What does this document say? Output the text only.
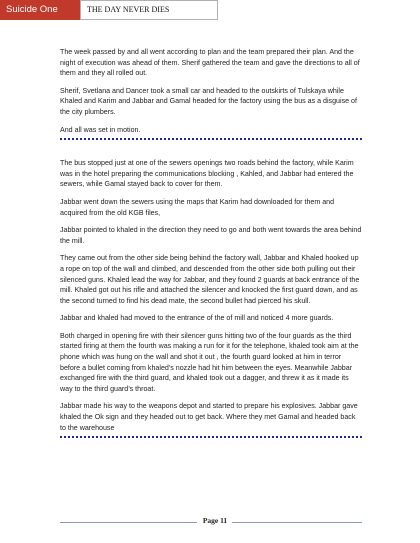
Suicide One	THE DAY NEVER DIES

The week passed by and all went according to plan and the team prepared their plan. And the night of execution was ahead of them. Sherif gathered the team and gave the directions to all of them and they all rolled out.

Sherif, Svetlana and Dancer took a small car and headed to the outskirts of Tulskaya while Khaled and Karim and Jabbar and Gamal headed for the factory using the bus as a disguise of the city plumbers.

And all was set in motion.

The bus stopped just at one of the sewers openings two roads behind the factory, while Karim was in the hotel preparing the communications blocking , Kahled, and Jabbar had entered the sewers, while Gamal stayed back to cover for them.

Jabbar went down the sewers using the maps that Karim had downloaded for them and acquired from the old KGB files,

Jabbar pointed to khaled in the direction they need to go and both went towards the area behind the mill.

They came out from the other side being behind the factory wall, Jabbar and Khaled hooked up a rope on top of the wall and climbed, and descended from the other side both pulling out their silenced guns. Khaled lead the way for Jabbar, and they found 2 guards at back entrance of the mill. Khaled got out his rifle and attached the silencer and knocked the first guard down, and as the second turned to find his dead mate, the second bullet had pierced his skull.

Jabbar and khaled had moved to the entrance of the of mill and noticed 4 more guards.

Both charged in opening fire with their silencer guns hitting two of the four guards as the third started firing at them the fourth was making a run for it for the telephone, khaled took aim at the phone which was hung on the wall and shot it out , the fourth guard looked at him in terror before a bullet coming from khaled’s nozzle had hit him between the eyes. Meanwhile Jabbar exchanged fire with the third guard, and khaled took out a dagger, and threw it as it made its way to the third guard’s throat.

Jabbar made his way to the weapons depot and started to prepare his explosives. Jabbar gave khaled the Ok sign and they headed out to get back. Where they met Gamal and headed back to the warehouse

Page 11
